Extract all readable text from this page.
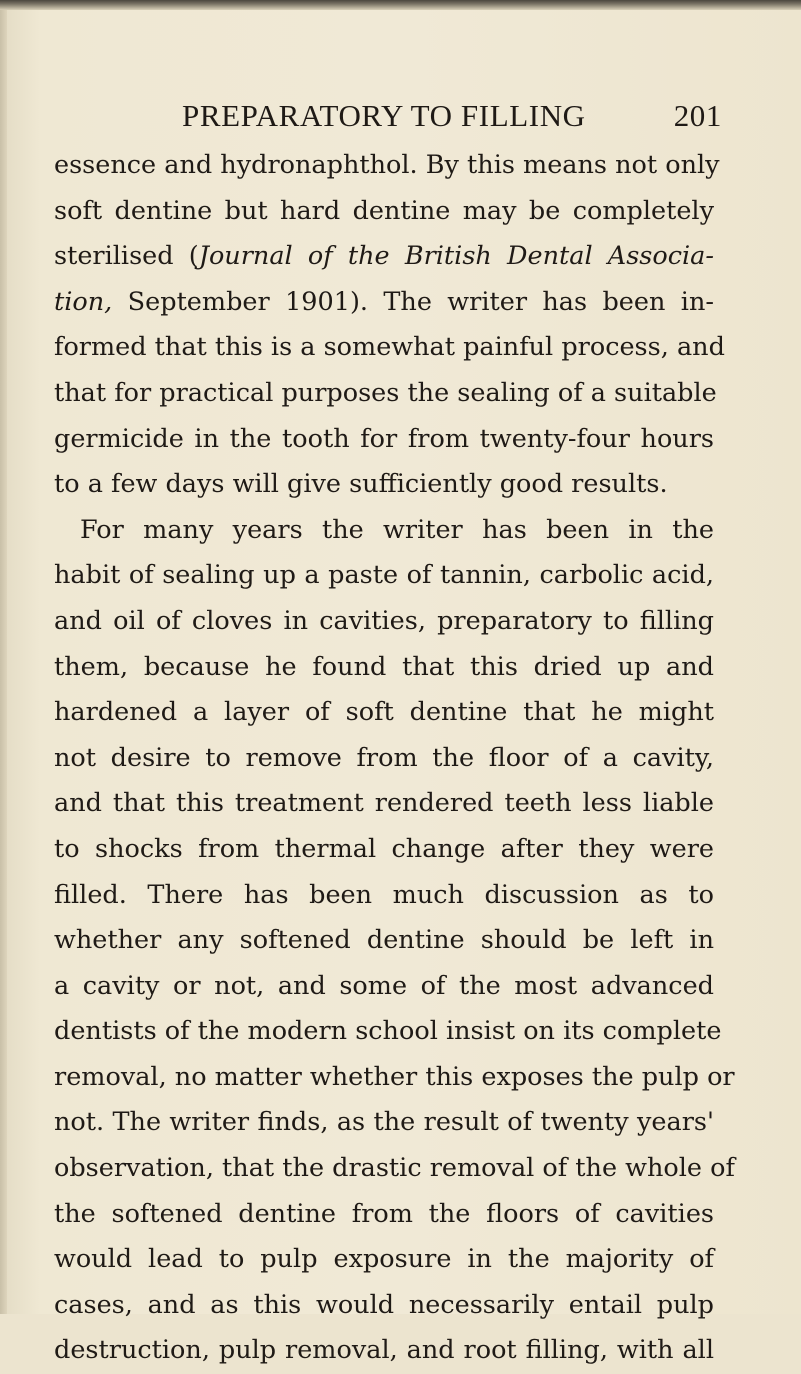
PREPARATORY TO FILLING	201
essence and hydronaphthol. By this means not only
soft dentine but hard dentine may be completely
sterilised (Journal of the British Dental Associa-
tion, September 1901). The writer has been in-
formed that this is a somewhat painful process, and
that for practical purposes the sealing of a suitable
germicide in the tooth for from twenty-four hours
to a few days will give sufficiently good results.
For many years the writer has been in the
habit of sealing up a paste of tannin, carbolic acid,
and oil of cloves in cavities, preparatory to filling
them, because he found that this dried up and
hardened a layer of soft dentine that he might
not desire to remove from the floor of a cavity,
and that this treatment rendered teeth less liable
to shocks from thermal change after they were
filled. There has been much discussion as to
whether any softened dentine should be left in
a cavity or not, and some of the most advanced
dentists of the modern school insist on its complete
removal, no matter whether this exposes the pulp or
not. The writer finds, as the result of twenty years'
observation, that the drastic removal of the whole of
the softened dentine from the floors of cavities
would lead to pulp exposure in the majority of
cases, and as this would necessarily entail pulp
destruction, pulp removal, and root filling, with all
